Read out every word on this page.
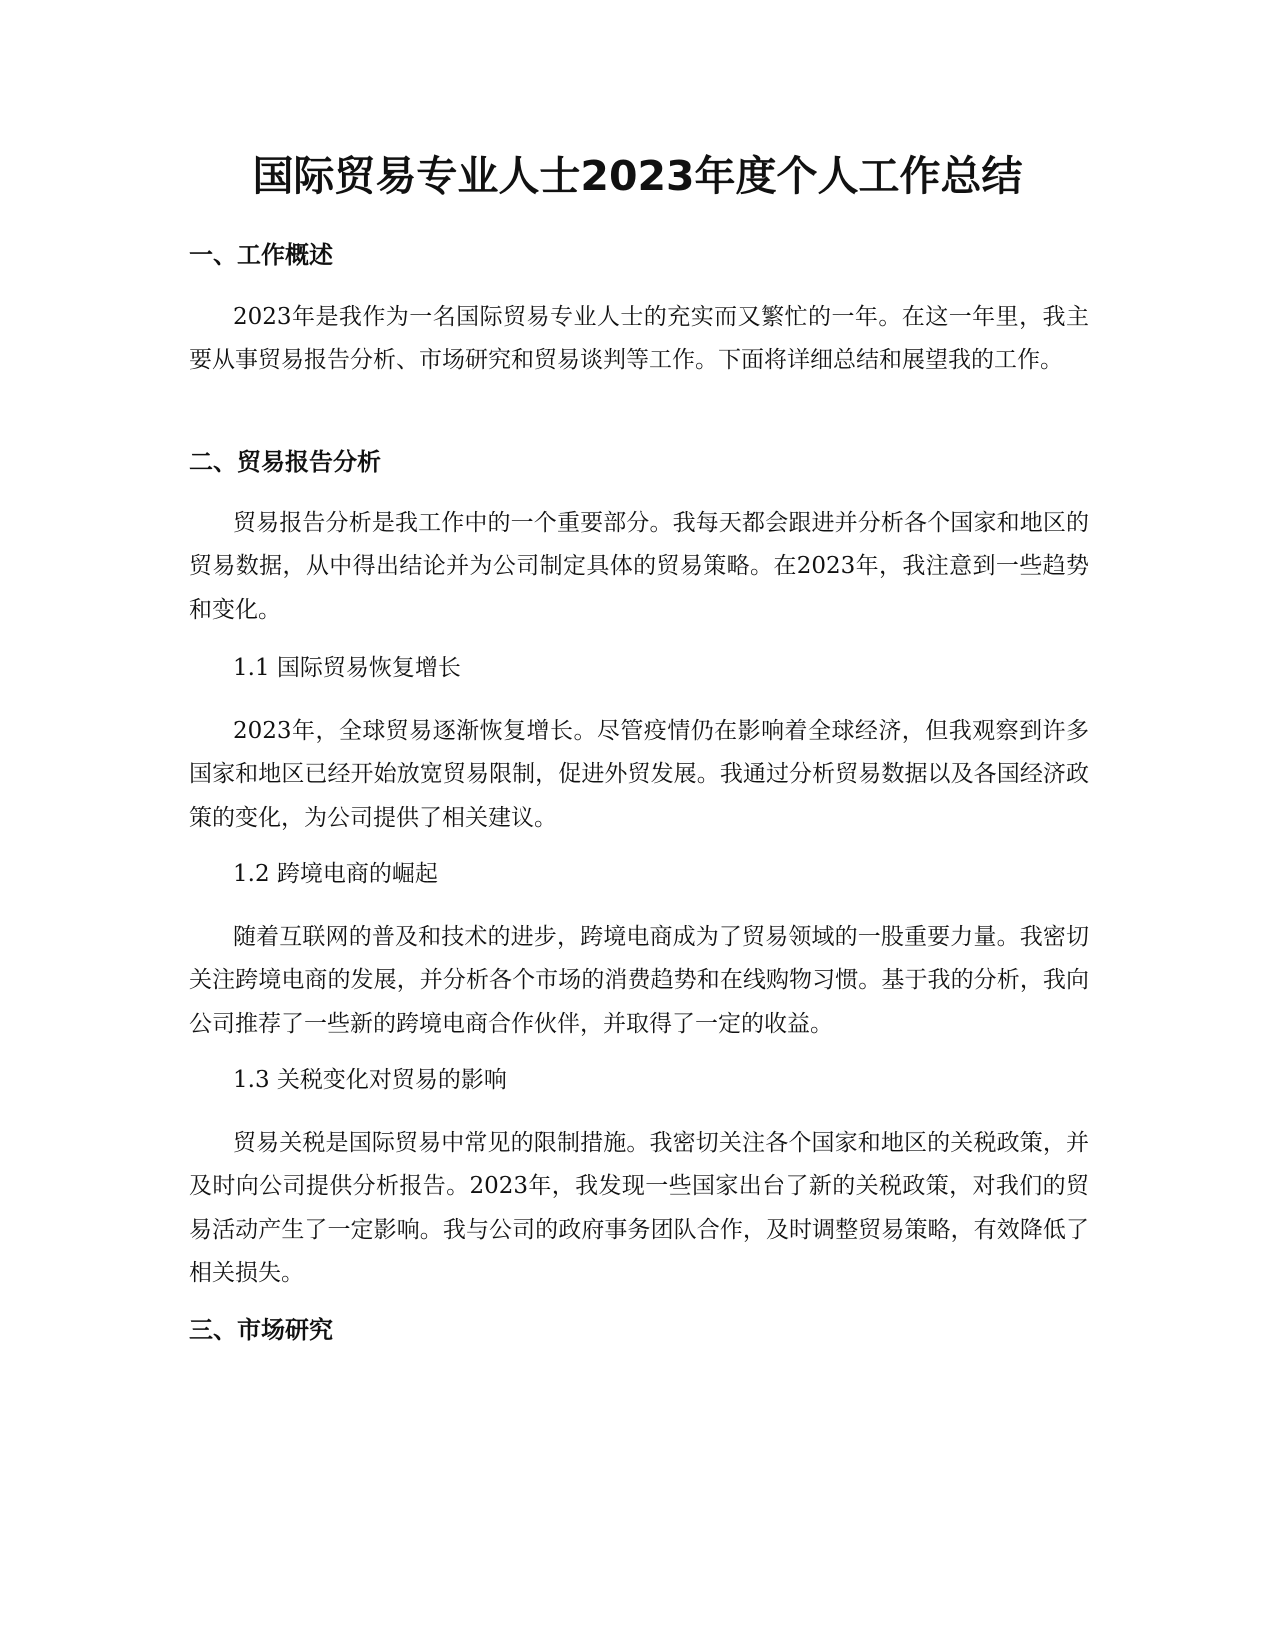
国际贸易专业人士2023年度个人工作总结
一、工作概述

2023年是我作为一名国际贸易专业人士的充实而又繁忙的一年。在这一年里，我主要从事贸易报告分析、市场研究和贸易谈判等工作。下面将详细总结和展望我的工作。

二、贸易报告分析

贸易报告分析是我工作中的一个重要部分。我每天都会跟进并分析各个国家和地区的贸易数据，从中得出结论并为公司制定具体的贸易策略。在2023年，我注意到一些趋势和变化。

1.1 国际贸易恢复增长

2023年，全球贸易逐渐恢复增长。尽管疫情仍在影响着全球经济，但我观察到许多国家和地区已经开始放宽贸易限制，促进外贸发展。我通过分析贸易数据以及各国经济政策的变化，为公司提供了相关建议。

1.2 跨境电商的崛起

随着互联网的普及和技术的进步，跨境电商成为了贸易领域的一股重要力量。我密切关注跨境电商的发展，并分析各个市场的消费趋势和在线购物习惯。基于我的分析，我向公司推荐了一些新的跨境电商合作伙伴，并取得了一定的收益。

1.3 关税变化对贸易的影响

贸易关税是国际贸易中常见的限制措施。我密切关注各个国家和地区的关税政策，并及时向公司提供分析报告。2023年，我发现一些国家出台了新的关税政策，对我们的贸易活动产生了一定影响。我与公司的政府事务团队合作，及时调整贸易策略，有效降低了相关损失。

三、市场研究
